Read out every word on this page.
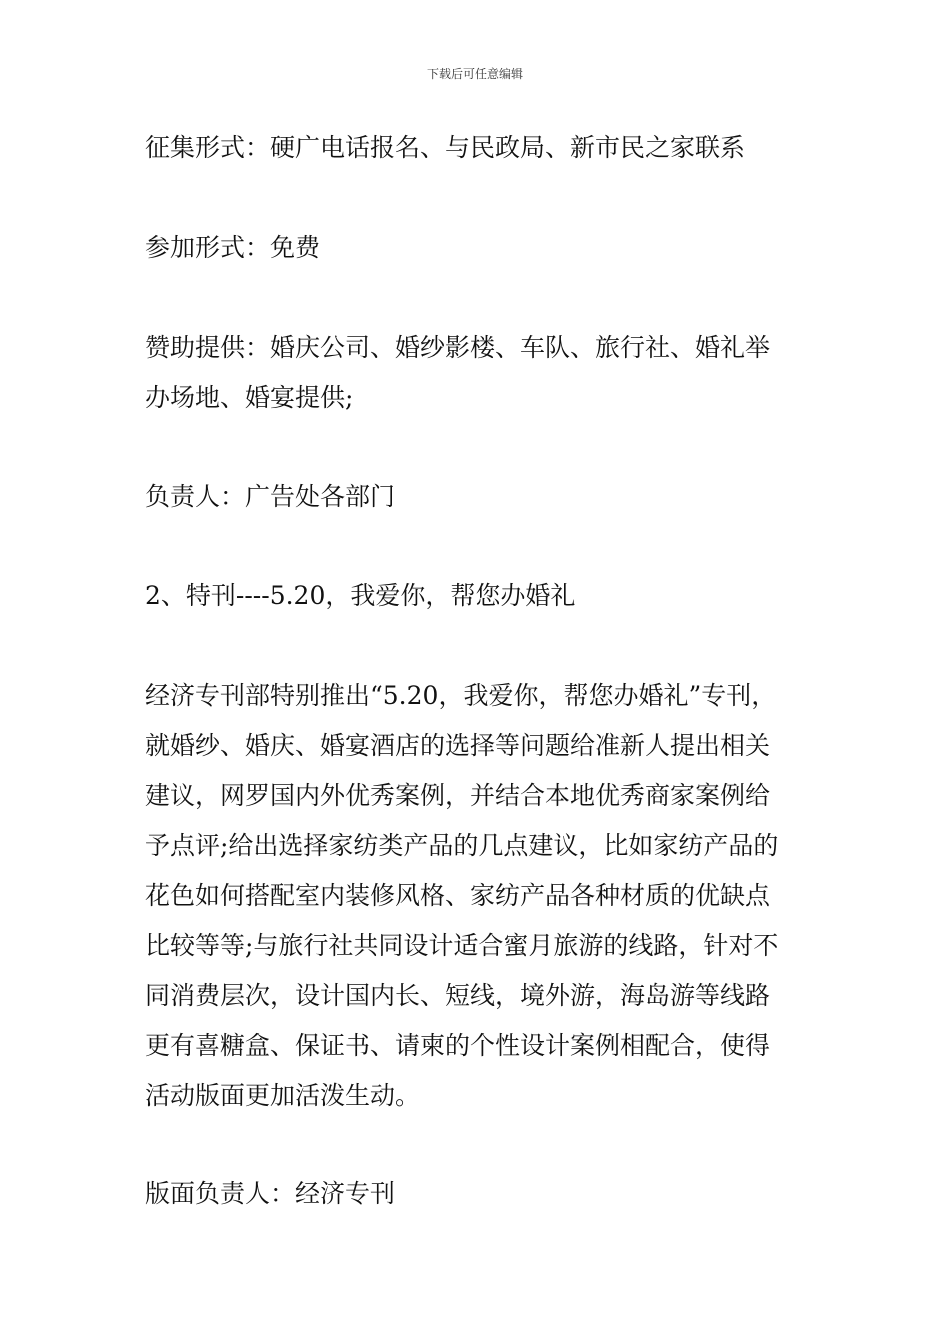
下载后可任意编辑

征集形式：硬广电话报名、与民政局、新市民之家联系

参加形式：免费

赞助提供：婚庆公司、婚纱影楼、车队、旅行社、婚礼举
办场地、婚宴提供;

负责人：广告处各部门

2、特刊----5.20，我爱你，帮您办婚礼

经济专刊部特别推出“5.20，我爱你，帮您办婚礼”专刊，
就婚纱、婚庆、婚宴酒店的选择等问题给准新人提出相关
建议，网罗国内外优秀案例，并结合本地优秀商家案例给
予点评;给出选择家纺类产品的几点建议，比如家纺产品的
花色如何搭配室内装修风格、家纺产品各种材质的优缺点
比较等等;与旅行社共同设计适合蜜月旅游的线路，针对不
同消费层次，设计国内长、短线，境外游，海岛游等线路
更有喜糖盒、保证书、请柬的个性设计案例相配合，使得
活动版面更加活泼生动。

版面负责人：经济专刊
